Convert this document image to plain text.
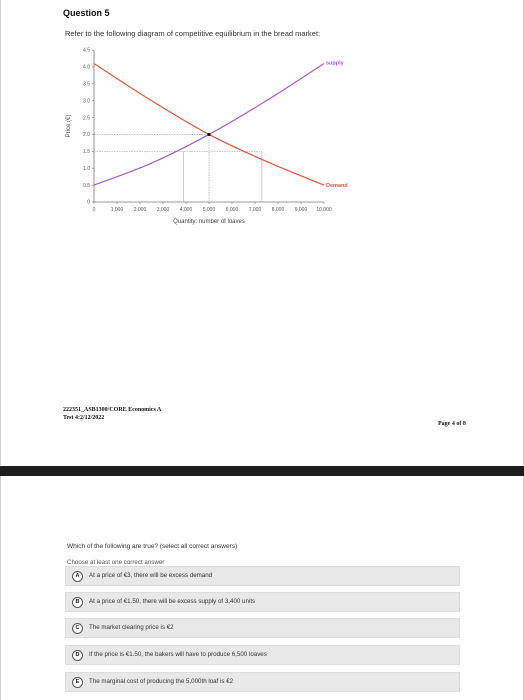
Question 5
Refer to the following diagram of competitive equilibrium in the bread market:
0
0.5
1.0
1.5
2.0
2.5
3.0
3.5
4.0
4.5
0	1,000 2,000 3,000 4,000 5,000 6,000 7,000 8,000 9,000 10,000
supply
Demand
Quantity: number of loaves
Price (€)
222351_ASB1300/CORE Economics A
Test 4:2/12/2022
Page 4 of 8
Which of the following are true? (select all correct answers)
Choose at least one correct answer
A	At a price of €3, there will be excess demand
B	At a price of €1.50, there will be excess supply of 3,400 units
C	The market clearing price is €2
D	If the price is €1.50, the bakers will have to produce 6,500 loaves
E	The marginal cost of producing the 5,000th loaf is €2
